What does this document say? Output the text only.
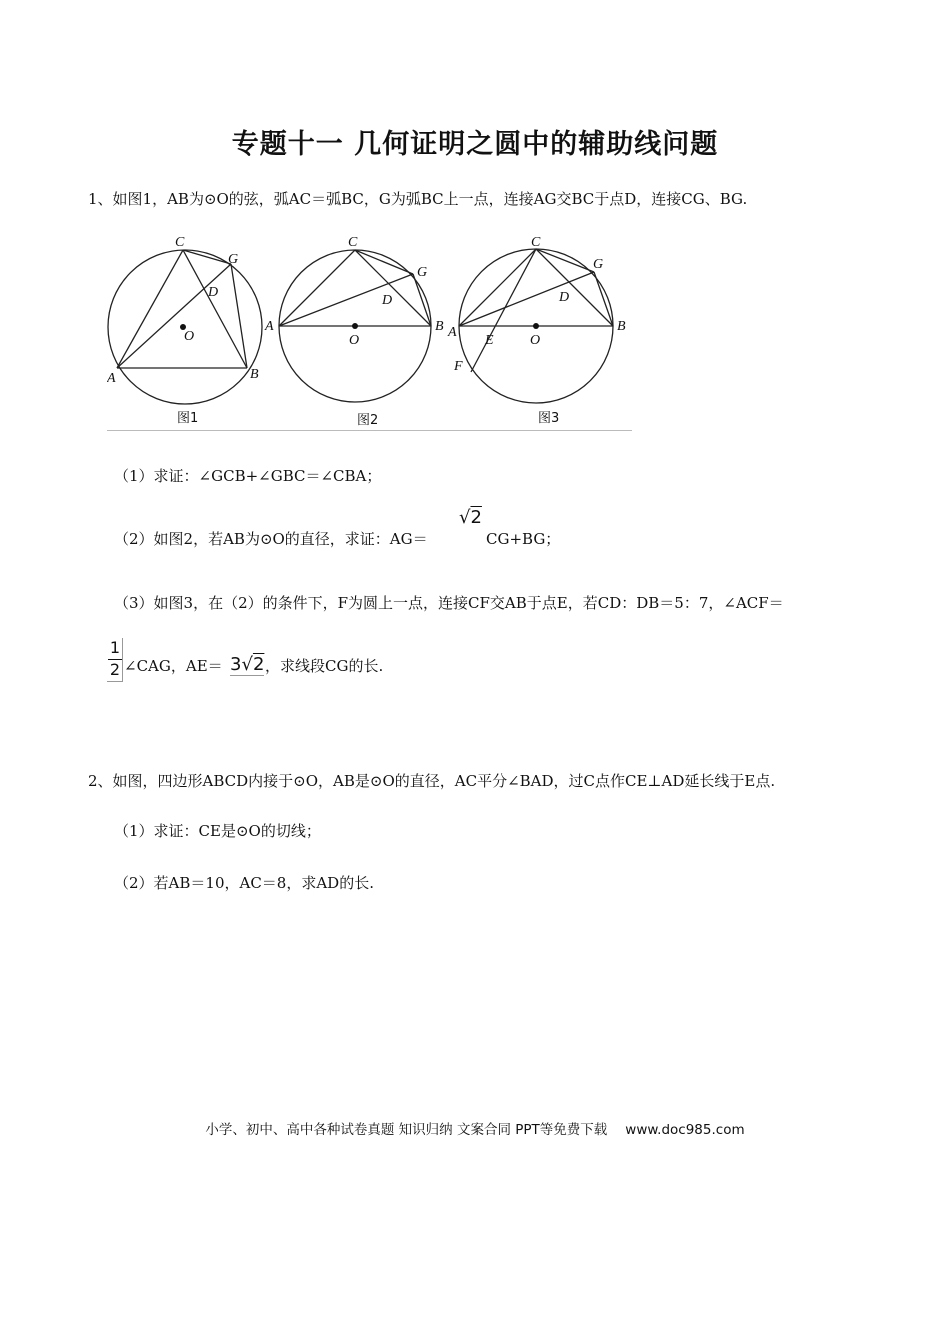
专题十一 几何证明之圆中的辅助线问题
1、如图1，AB为⊙O的弦，弧AC＝弧BC，G为弧BC上一点，连接AG交BC于点D，连接CG、BG.
A	B
C
D
G
O
A	B
C
D
G
O
A	B
C
D
G
O
E
F
图1	图2	图3
（1）求证：∠GCB+∠GBC＝∠CBA；
（2）如图2，若AB为⊙O的直径，求证：AG＝
√2
CG+BG；
（3）如图3，在（2）的条件下，F为圆上一点，连接CF交AB于点E，若CD：DB＝5：7，∠ACF＝
1
2 ∠CAG，AE＝ 3√2 ，求线段CG的长.
2、如图，四边形ABCD内接于⊙O，AB是⊙O的直径，AC平分∠BAD，过C点作CE⊥AD延长线于E点.
（1）求证：CE是⊙O的切线；
（2）若AB＝10，AC＝8，求AD的长.
小学、初中、高中各种试卷真题 知识归纳 文案合同 PPT等免费下载 www.doc985.com
